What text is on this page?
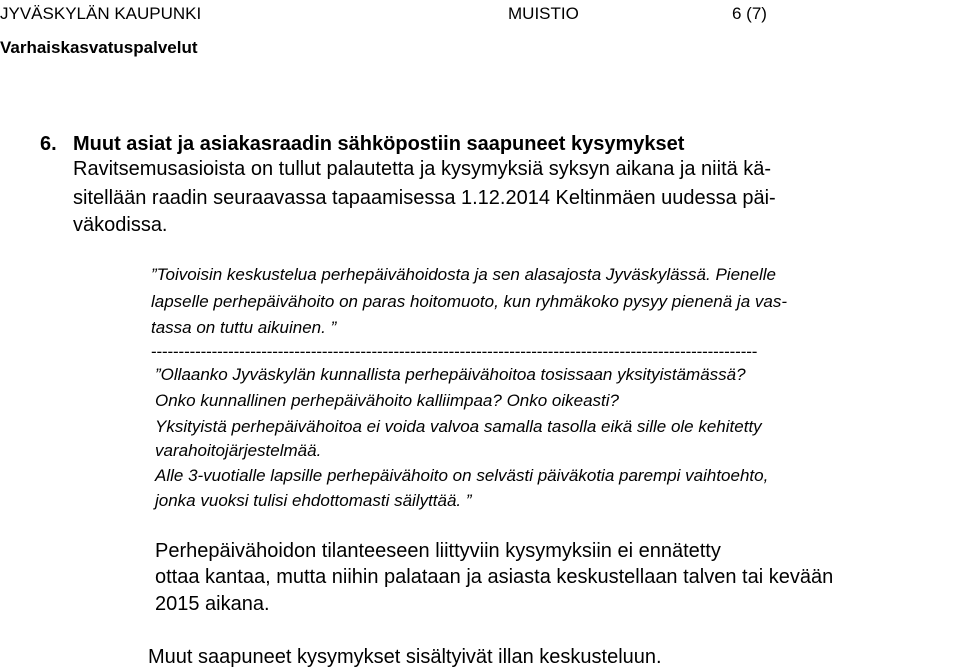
JYVÄSKYLÄN KAUPUNKI	MUISTIO	6 (7)
Varhaiskasvatuspalvelut
6. Muut asiat ja asiakasraadin sähköpostiin saapuneet kysymykset
Ravitsemusasioista on tullut palautetta ja kysymyksiä syksyn aikana ja niitä kä-
sitellään raadin seuraavassa tapaamisessa 1.12.2014 Keltinmäen uudessa päi-
väkodissa.
”Toivoisin keskustelua perhepäivähoidosta ja sen alasajosta Jyväskylässä. Pienelle
lapselle perhepäivähoito on paras hoitomuoto, kun ryhmäkoko pysyy pienenä ja vas-
tassa on tuttu aikuinen. ”
--------------------------------------------------------------------------------------------------------------
”Ollaanko Jyväskylän kunnallista perhepäivähoitoa tosissaan yksityistämässä?
Onko kunnallinen perhepäivähoito kalliimpaa? Onko oikeasti?
Yksityistä perhepäivähoitoa ei voida valvoa samalla tasolla eikä sille ole kehitetty
varahoitojärjestelmää.
Alle 3-vuotialle lapsille perhepäivähoito on selvästi päiväkotia parempi vaihtoehto,
jonka vuoksi tulisi ehdottomasti säilyttää. ”
Perhepäivähoidon tilanteeseen liittyviin kysymyksiin ei ennätetty
ottaa kantaa, mutta niihin palataan ja asiasta keskustellaan talven tai kevään
2015 aikana.
Muut saapuneet kysymykset sisältyivät illan keskusteluun.
